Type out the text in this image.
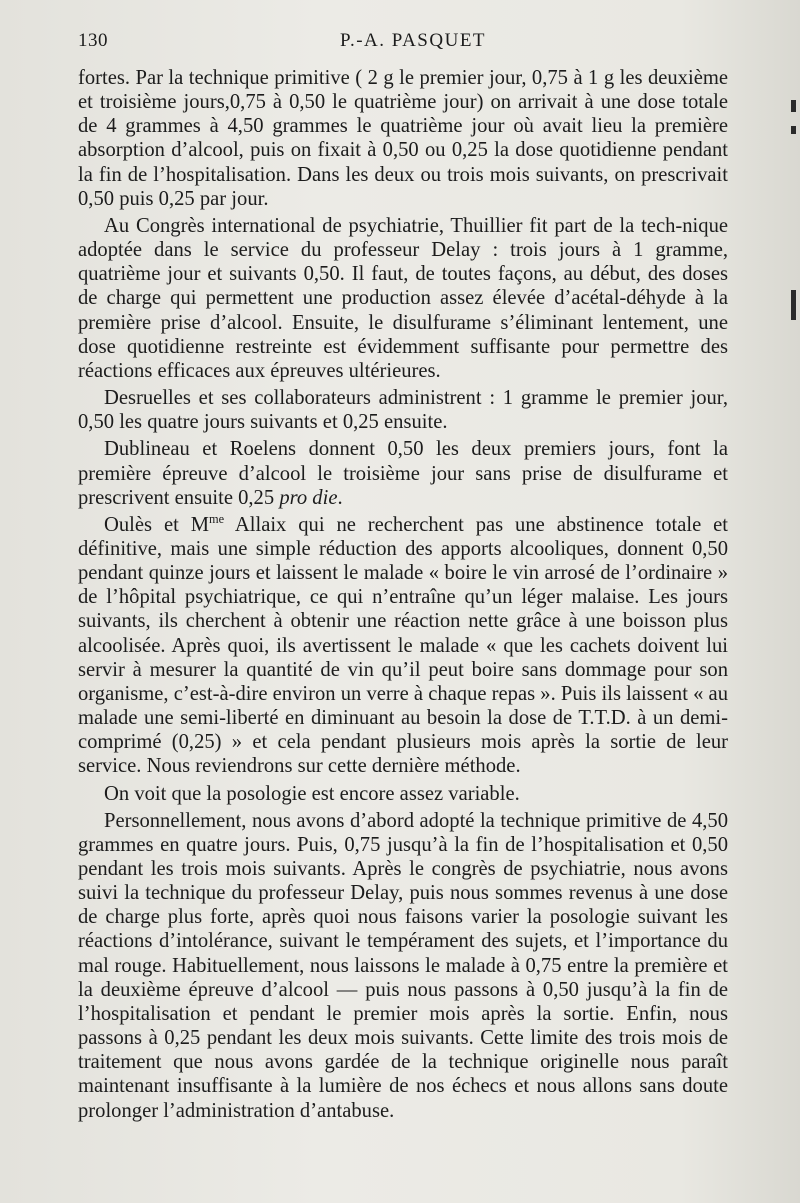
130	P.-A. PASQUET

fortes. Par la technique primitive ( 2 g le premier jour, 0,75 à 1 g les deuxième et troisième jours,0,75 à 0,50 le quatrième jour) on arrivait à une dose totale de 4 grammes à 4,50 grammes le quatrième jour où avait lieu la première absorption d’alcool, puis on fixait à 0,50 ou 0,25 la dose quotidienne pendant la fin de l’hospitalisation. Dans les deux ou trois mois suivants, on prescrivait 0,50 puis 0,25 par jour.

Au Congrès international de psychiatrie, Thuillier fit part de la tech-nique adoptée dans le service du professeur Delay : trois jours à 1 gramme, quatrième jour et suivants 0,50. Il faut, de toutes façons, au début, des doses de charge qui permettent une production assez élevée d’acétal-déhyde à la première prise d’alcool. Ensuite, le disulfurame s’éliminant lentement, une dose quotidienne restreinte est évidemment suffisante pour permettre des réactions efficaces aux épreuves ultérieures.

Desruelles et ses collaborateurs administrent : 1 gramme le premier jour, 0,50 les quatre jours suivants et 0,25 ensuite.

Dublineau et Roelens donnent 0,50 les deux premiers jours, font la première épreuve d’alcool le troisième jour sans prise de disulfurame et prescrivent ensuite 0,25 pro die.

Oulès et $M^{me}$ Allaix qui ne recherchent pas une abstinence totale et définitive, mais une simple réduction des apports alcooliques, donnent 0,50 pendant quinze jours et laissent le malade « boire le vin arrosé de l’ordinaire » de l’hôpital psychiatrique, ce qui n’entraîne qu’un léger malaise. Les jours suivants, ils cherchent à obtenir une réaction nette grâce à une boisson plus alcoolisée. Après quoi, ils avertissent le malade « que les cachets doivent lui servir à mesurer la quantité de vin qu’il peut boire sans dommage pour son organisme, c’est-à-dire environ un verre à chaque repas ». Puis ils laissent « au malade une semi-liberté en diminuant au besoin la dose de T.T.D. à un demi-comprimé (0,25) » et cela pendant plusieurs mois après la sortie de leur service. Nous reviendrons sur cette dernière méthode.

On voit que la posologie est encore assez variable.

Personnellement, nous avons d’abord adopté la technique primitive de 4,50 grammes en quatre jours. Puis, 0,75 jusqu’à la fin de l’hospitalisation et 0,50 pendant les trois mois suivants. Après le congrès de psychiatrie, nous avons suivi la technique du professeur Delay, puis nous sommes revenus à une dose de charge plus forte, après quoi nous faisons varier la posologie suivant les réactions d’intolérance, suivant le tempérament des sujets, et l’importance du mal rouge. Habituellement, nous laissons le malade à 0,75 entre la première et la deuxième épreuve d’alcool — puis nous passons à 0,50 jusqu’à la fin de l’hospitalisation et pendant le premier mois après la sortie. Enfin, nous passons à 0,25 pendant les deux mois suivants. Cette limite des trois mois de traitement que nous avons gardée de la technique originelle nous paraît maintenant insuffisante à la lumière de nos échecs et nous allons sans doute prolonger l’administration d’antabuse.
